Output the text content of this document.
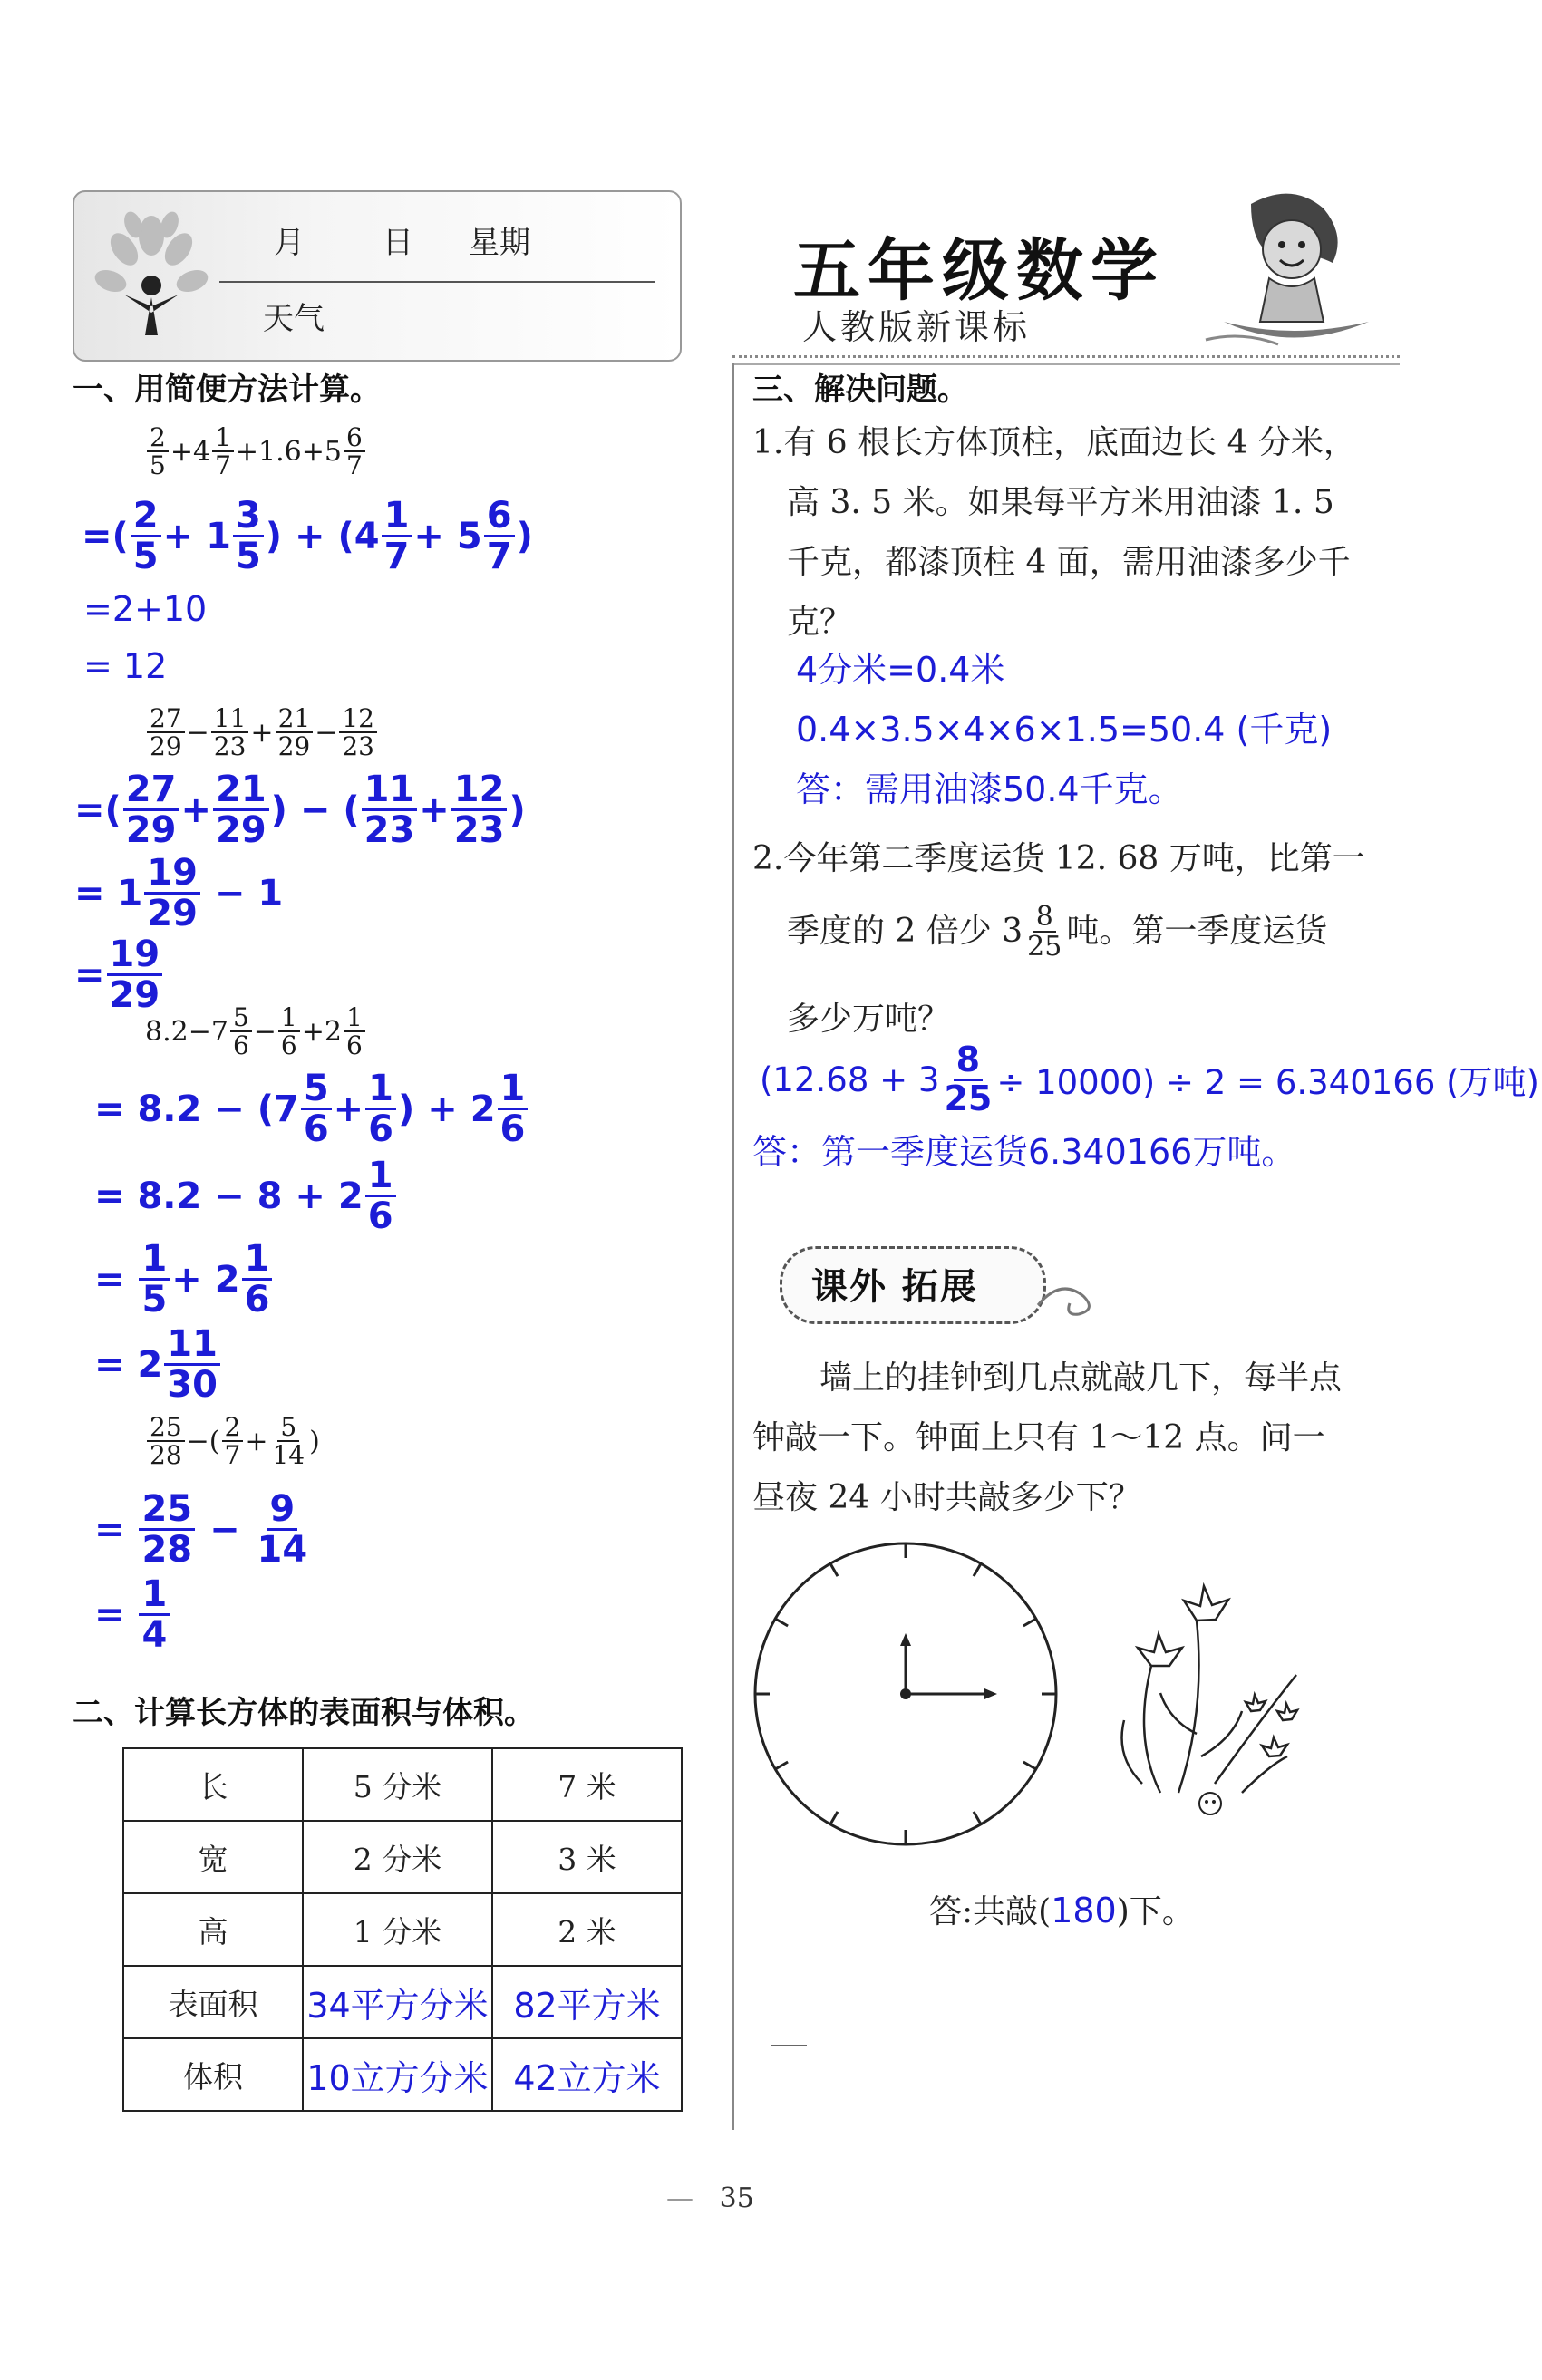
月	日 星期
天气
五年级数学
人教版新课标
一、用简便方法计算。
$\frac{2}{5} + 4 \frac{1}{7} + 1.6 + 5 \frac{6}{7}$
= ( $\frac{2}{5}$ +
$1 \frac{3}{5}$ )
+
( $4 \frac{1}{7}$ +
$5 \frac{6}{7}$ )
=2+10
= 12
$\frac{27}{29} - \frac{11}{23} + \frac{21}{29} - \frac{12}{23}$
= ( $\frac{27}{29} + \frac{21}{29}$ )
−
( $\frac{11}{23} + \frac{12}{23}$ )
=
$1 \frac{19}{29}$
−
1
= $\frac{19}{29}$
$8.2 - 7 \frac{5}{6} - \frac{1}{6} + 2 \frac{1}{6}$
= 8.2 −
( $7 \frac{5}{6} + \frac{1}{6}$ )
+
$2 \frac{1}{6}$
= 8.2 − 8 +
$2 \frac{1}{6}$
=
$\frac{1}{5}$ +
$2 \frac{1}{6}$
=
$2 \frac{11}{30}$
$\frac{25}{28}$ − ( $\frac{2}{7} + \frac{5}{14}$ )
=
$\frac{25}{28}$
−
$\frac{9}{14}$
=
$\frac{1}{4}$
二、计算长方体的表面积与体积。
长	5 分米	7 米
宽	2 分米	3 米
高	1 分米	2 米
表面积	34平方分米	82平方米
体积	10立方分米	42立方米
三、解决问题。
1.有 6 根长方体顶柱，底面边长 4 分米，
高 3. 5 米。如果每平方米用油漆 1. 5
千克，都漆顶柱 4 面，需用油漆多少千
克？
4分米=0.4米
0.4×3.5×4×6×1.5=50.4 (千克)
答：需用油漆50.4千克。
2.今年第二季度运货 12. 68 万吨，比第一
季度的 2 倍少 $3 \frac{8}{25}$ 吨。第一季度运货
多少万吨？
$(12.68 + 3 \frac{8}{25} \div 10000) \div 2 = 6.340166$ (万吨)
答：第一季度运货6.340166万吨。
课外 拓展
墙上的挂钟到几点就敲几下，每半点
钟敲一下。钟面上只有 1～12 点。问一
昼夜 24 小时共敲多少下？
答:共敲(180)下。
— 35
